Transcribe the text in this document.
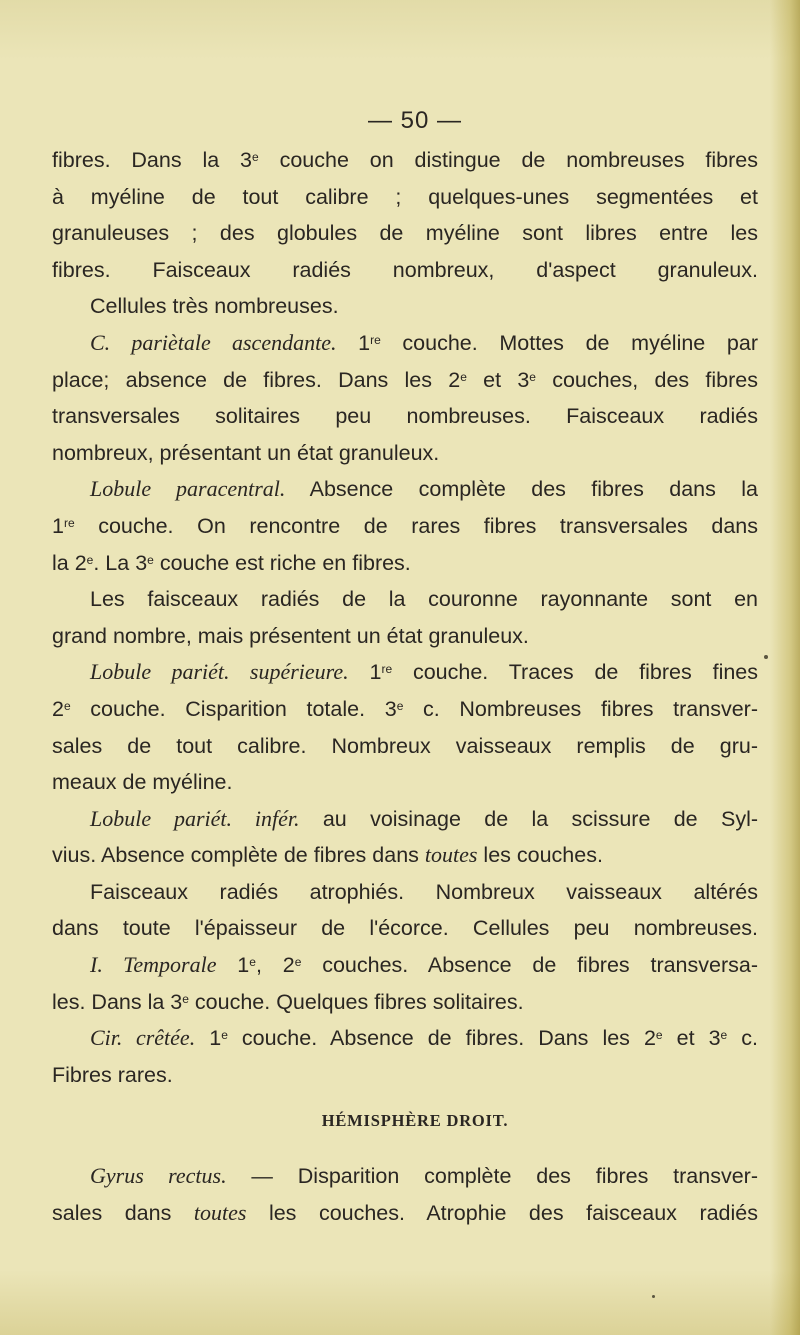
— 50 —
fibres. Dans la 3e couche on distingue de nombreuses fibres
à myéline de tout calibre ; quelques-unes segmentées et
granuleuses ; des globules de myéline sont libres entre les
fibres. Faisceaux radiés nombreux, d'aspect granuleux.
Cellules très nombreuses.
C. pariètale ascendante. 1re couche. Mottes de myéline par
place; absence de fibres. Dans les 2e et 3e couches, des fibres
transversales solitaires peu nombreuses. Faisceaux radiés
nombreux, présentant un état granuleux.
Lobule paracentral. Absence complète des fibres dans la
1re couche. On rencontre de rares fibres transversales dans
la 2e. La 3e couche est riche en fibres.
Les faisceaux radiés de la couronne rayonnante sont en
grand nombre, mais présentent un état granuleux.
Lobule pariét. supérieure. 1re couche. Traces de fibres fines
2e couche. Cisparition totale. 3e c. Nombreuses fibres transver-
sales de tout calibre. Nombreux vaisseaux remplis de gru-
meaux de myéline.
Lobule pariét. infér. au voisinage de la scissure de Syl-
vius. Absence complète de fibres dans toutes les couches.
Faisceaux radiés atrophiés. Nombreux vaisseaux altérés
dans toute l'épaisseur de l'écorce. Cellules peu nombreuses.
I. Temporale 1e, 2e couches. Absence de fibres transversa-
les. Dans la 3e couche. Quelques fibres solitaires.
Cir. crêtée. 1e couche. Absence de fibres. Dans les 2e et 3e c.
Fibres rares.
HÉMISPHÈRE DROIT.
Gyrus rectus. — Disparition complète des fibres transver-
sales dans toutes les couches. Atrophie des faisceaux radiés
